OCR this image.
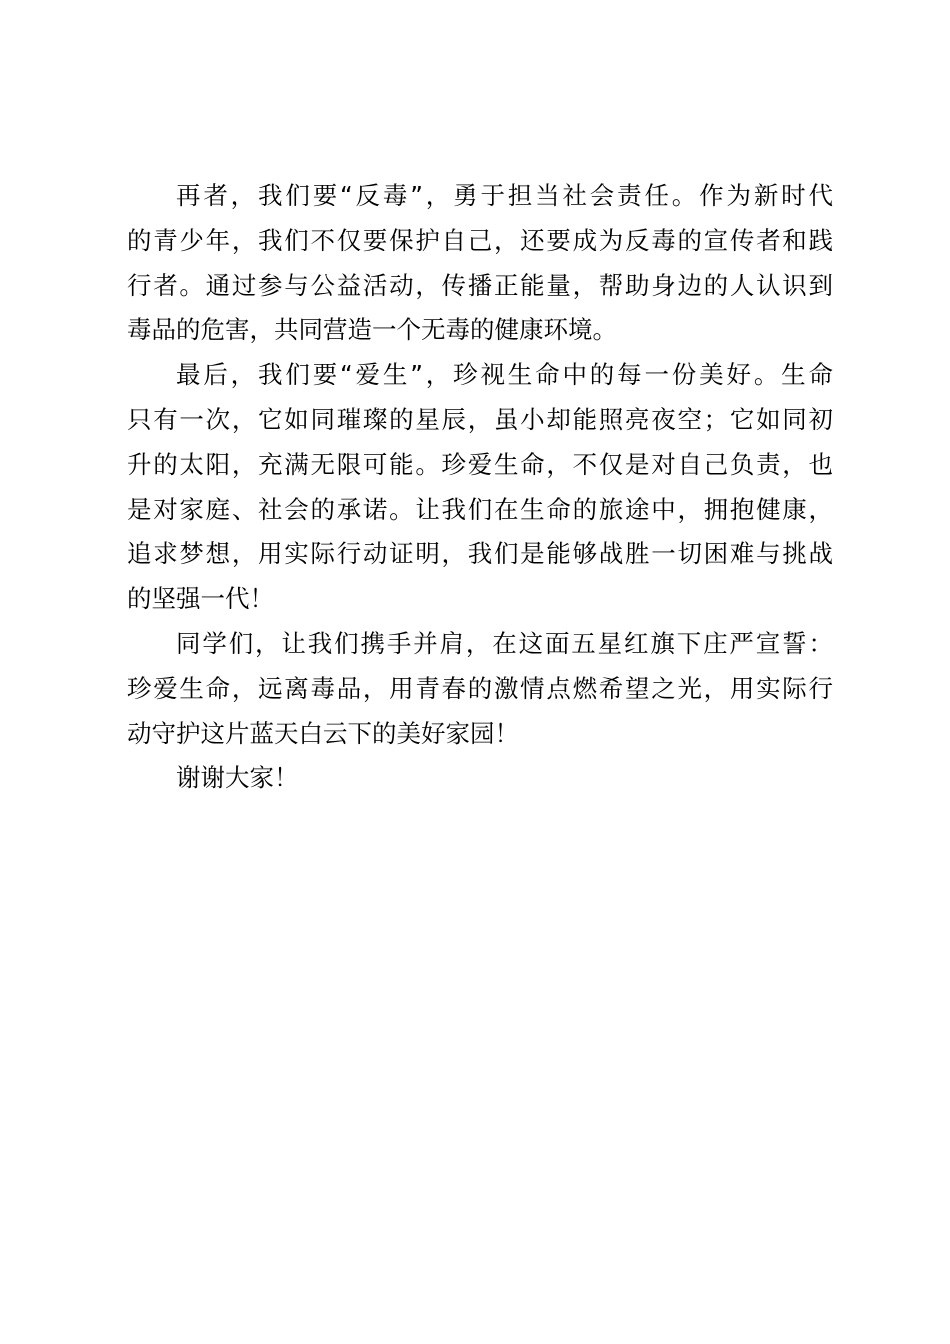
再者，我们要“反毒”，勇于担当社会责任。作为新时代
的青少年，我们不仅要保护自己，还要成为反毒的宣传者和践
行者。通过参与公益活动，传播正能量，帮助身边的人认识到
毒品的危害，共同营造一个无毒的健康环境。

最后，我们要“爱生”，珍视生命中的每一份美好。生命
只有一次，它如同璀璨的星辰，虽小却能照亮夜空；它如同初
升的太阳，充满无限可能。珍爱生命，不仅是对自己负责，也
是对家庭、社会的承诺。让我们在生命的旅途中，拥抱健康，
追求梦想，用实际行动证明，我们是能够战胜一切困难与挑战
的坚强一代！

同学们，让我们携手并肩，在这面五星红旗下庄严宣誓：
珍爱生命，远离毒品，用青春的激情点燃希望之光，用实际行
动守护这片蓝天白云下的美好家园！

谢谢大家！
